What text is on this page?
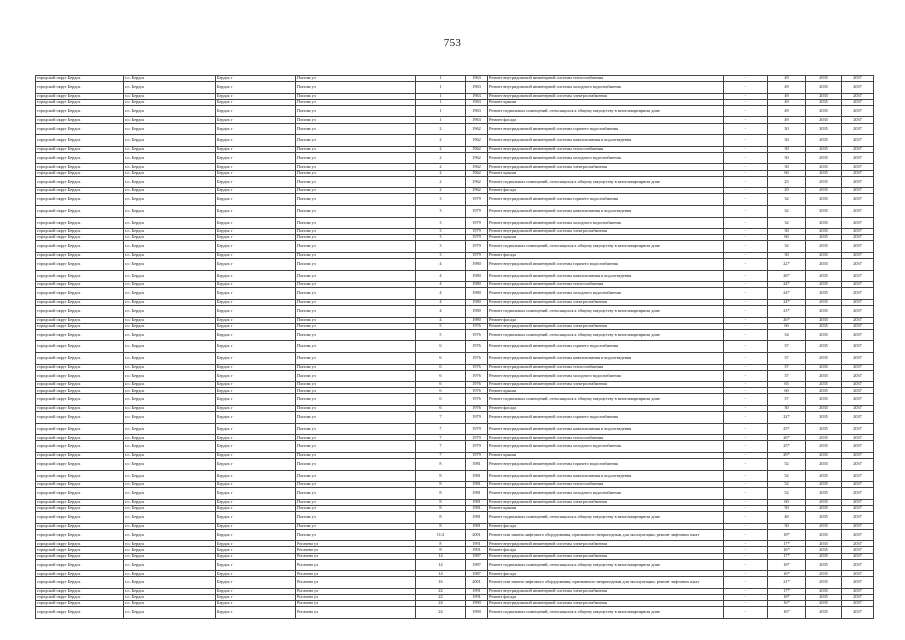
753
городской округ Бердск	г.о. Бердск	Бердск г	Попова ул	1	1963	Ремонт внутридомовой инженерной системы теплоснабжения	-	49	2035	2037
городской округ Бердск	г.о. Бердск	Бердск г	Попова ул	1	1963	Ремонт внутридомовой инженерной системы холодного водоснабжения	-	49	2035	2037
городской округ Бердск	г.о. Бердск	Бердск г	Попова ул	1	1963	Ремонт внутридомовой инженерной системы электроснабжения	-	49	2035	2037
городской округ Бердск	г.о. Бердск	Бердск г	Попова ул	1	1963	Ремонт крыши	-	49	2035	2037
городской округ Бердск	г.о. Бердск	Бердск г	Попова ул	1	1963	Ремонт подвальных помещений, относящихся к общему имуществу в многоквартирном доме	-	49	2035	2037
городской округ Бердск	г.о. Бердск	Бердск г	Попова ул	1	1963	Ремонт фасада	-	49	2035	2037
городской округ Бердск	г.о. Бердск	Бердск г	Попова ул	2	1962	Ремонт внутридомовой инженерной системы горячего водоснабжения	-	30	2035	2037
городской округ Бердск	г.о. Бердск	Бердск г	Попова ул	2	1962	Ремонт внутридомовой инженерной системы канализования и водоотведения	-	30	2035	2037
городской округ Бердск	г.о. Бердск	Бердск г	Попова ул	2	1962	Ремонт внутридомовой инженерной системы теплоснабжения	-	30	2035	2037
городской округ Бердск	г.о. Бердск	Бердск г	Попова ул	2	1962	Ремонт внутридомовой инженерной системы холодного водоснабжения	-	30	2035	2037
городской округ Бердск	г.о. Бердск	Бердск г	Попова ул	2	1962	Ремонт внутридомовой инженерной системы электроснабжения	-	30	2035	2037
городской округ Бердск	г.о. Бердск	Бердск г	Попова ул	2	1962	Ремонт крыши	-	60	2035	2037
городской округ Бердск	г.о. Бердск	Бердск г	Попова ул	2	1962	Ремонт подвальных помещений, относящихся к общему имуществу в многоквартирном доме	-	25	2035	2037
городской округ Бердск	г.о. Бердск	Бердск г	Попова ул	2	1962	Ремонт фасада	-	20	2035	2037
городской округ Бердск	г.о. Бердск	Бердск г	Попова ул	3	1979	Ремонт внутридомовой инженерной системы горячего водоснабжения	-	32	2035	2037
городской округ Бердск	г.о. Бердск	Бердск г	Попова ул	3	1979	Ремонт внутридомовой инженерной системы канализования и водоотведения	-	32	2035	2037
городской округ Бердск	г.о. Бердск	Бердск г	Попова ул	3	1979	Ремонт внутридомовой инженерной системы холодного водоснабжения	-	32	2035	2037
городской округ Бердск	г.о. Бердск	Бердск г	Попова ул	3	1979	Ремонт внутридомовой инженерной системы электроснабжения	-	30	2035	2037
городской округ Бердск	г.о. Бердск	Бердск г	Попова ул	3	1979	Ремонт крыши	-	60	2035	2037
городской округ Бердск	г.о. Бердск	Бердск г	Попова ул	3	1979	Ремонт подвальных помещений, относящихся к общему имуществу в многоквартирном доме	-	32	2035	2037
городской округ Бердск	г.о. Бердск	Бердск г	Попова ул	3	1979	Ремонт фасада	-	30	2035	2037
городской округ Бердск	г.о. Бердск	Бердск г	Попова ул	4	1980	Ремонт внутридомовой инженерной системы горячего водоснабжения	-	22*	2035	2037
городской округ Бердск	г.о. Бердск	Бердск г	Попова ул	4	1980	Ремонт внутридомовой инженерной системы канализования и водоотведения	-	26*	2035	2037
городской округ Бердск	г.о. Бердск	Бердск г	Попова ул	4	1980	Ремонт внутридомовой инженерной системы теплоснабжения	-	24*	2035	2037
городской округ Бердск	г.о. Бердск	Бердск г	Попова ул	4	1980	Ремонт внутридомовой инженерной системы холодного водоснабжения	-	24*	2035	2037
городской округ Бердск	г.о. Бердск	Бердск г	Попова ул	4	1980	Ремонт внутридомовой инженерной системы электроснабжения	-	24*	2035	2037
городской округ Бердск	г.о. Бердск	Бердск г	Попова ул	4	1980	Ремонт подвальных помещений, относящихся к общему имуществу в многоквартирном доме	-	23*	2035	2037
городской округ Бердск	г.о. Бердск	Бердск г	Попова ул	4	1980	Ремонт фасада	-	26*	2035	2037
городской округ Бердск	г.о. Бердск	Бердск г	Попова ул	5	1976	Ремонт внутридомовой инженерной системы электроснабжения	-	60	2035	2037
городской округ Бердск	г.о. Бердск	Бердск г	Попова ул	5	1976	Ремонт подвальных помещений, относящихся к общему имуществу в многоквартирном доме	-	34	2035	2037
городской округ Бердск	г.о. Бердск	Бердск г	Попова ул	6	1976	Ремонт внутридомовой инженерной системы горячего водоснабжения	-	37	2035	2037
городской округ Бердск	г.о. Бердск	Бердск г	Попова ул	6	1976	Ремонт внутридомовой инженерной системы канализования и водоотведения	-	37	2035	2037
городской округ Бердск	г.о. Бердск	Бердск г	Попова ул	6	1976	Ремонт внутридомовой инженерной системы теплоснабжения	-	37	2035	2037
городской округ Бердск	г.о. Бердск	Бердск г	Попова ул	6	1976	Ремонт внутридомовой инженерной системы холодного водоснабжения	-	37	2035	2037
городской округ Бердск	г.о. Бердск	Бердск г	Попова ул	6	1976	Ремонт внутридомовой инженерной системы электроснабжения	-	65	2035	2037
городской округ Бердск	г.о. Бердск	Бердск г	Попова ул	6	1976	Ремонт крыши	-	60	2035	2037
городской округ Бердск	г.о. Бердск	Бердск г	Попова ул	6	1976	Ремонт подвальных помещений, относящихся к общему имуществу в многоквартирном доме	-	37	2035	2037
городской округ Бердск	г.о. Бердск	Бердск г	Попова ул	6	1976	Ремонт фасада	-	30	2035	2037
городской округ Бердск	г.о. Бердск	Бердск г	Попова ул	7	1979	Ремонт внутридомовой инженерной системы горячего водоснабжения	-	22*	2035	2037
городской округ Бердск	г.о. Бердск	Бердск г	Попова ул	7	1979	Ремонт внутридомовой инженерной системы канализования и водоотведения	-	25*	2035	2037
городской округ Бердск	г.о. Бердск	Бердск г	Попова ул	7	1979	Ремонт внутридомовой инженерной системы теплоснабжения	-	26*	2035	2037
городской округ Бердск	г.о. Бердск	Бердск г	Попова ул	7	1979	Ремонт внутридомовой инженерной системы холодного водоснабжения	-	25*	2035	2037
городской округ Бердск	г.о. Бердск	Бердск г	Попова ул	7	1979	Ремонт крыши	-	29*	2035	2037
городской округ Бердск	г.о. Бердск	Бердск г	Попова ул	8	1981	Ремонт внутридомовой инженерной системы горячего водоснабжения	-	52	2035	2037
городской округ Бердск	г.о. Бердск	Бердск г	Попова ул	8	1981	Ремонт внутридомовой инженерной системы канализования и водоотведения	-	52	2035	2037
городской округ Бердск	г.о. Бердск	Бердск г	Попова ул	8	1981	Ремонт внутридомовой инженерной системы теплоснабжения	-	52	2035	2037
городской округ Бердск	г.о. Бердск	Бердск г	Попова ул	8	1981	Ремонт внутридомовой инженерной системы холодного водоснабжения	-	52	2035	2037
городской округ Бердск	г.о. Бердск	Бердск г	Попова ул	8	1981	Ремонт внутридомовой инженерной системы электроснабжения	-	60	2035	2037
городской округ Бердск	г.о. Бердск	Бердск г	Попова ул	8	1981	Ремонт крыши	-	50	2035	2037
городской округ Бердск	г.о. Бердск	Бердск г	Попова ул	8	1981	Ремонт подвальных помещений, относящихся к общему имуществу в многоквартирном доме	-	40	2035	2037
городской округ Бердск	г.о. Бердск	Бердск г	Попова ул	8	1981	Ремонт фасада	-	30	2035	2037
городской округ Бердск	г.о. Бердск	Бердск г	Попова ул	11/2	2001	Ремонт или замена лифтового оборудования, признанного непригодным для эксплуатации, ремонт лифтовых шахт	-	18*	2035	2037
городской округ Бердск	г.о. Бердск	Бердск г	Рогачева ул	8	1991	Ремонт внутридомовой инженерной системы электроснабжения	-	17*	2035	2037
городской округ Бердск	г.о. Бердск	Бердск г	Рогачева ул	8	1991	Ремонт фасада	-	16*	2035	2037
городской округ Бердск	г.о. Бердск	Бердск г	Рогачева ул	14	1987	Ремонт внутридомовой инженерной системы электроснабжения	-	17*	2035	2037
городской округ Бердск	г.о. Бердск	Бердск г	Рогачева ул	14	1987	Ремонт подвальных помещений, относящихся к общему имуществу в многоквартирном доме	-	18*	2035	2037
городской округ Бердск	г.о. Бердск	Бердск г	Рогачева ул	14	1987	Ремонт фасада	-	16*	2035	2037
городской округ Бердск	г.о. Бердск	Бердск г	Рогачева ул	16	2001	Ремонт или замена лифтового оборудования, признанного непригодным для эксплуатации, ремонт лифтовых шахт	-	21*	2035	2037
городской округ Бердск	г.о. Бердск	Бердск г	Рогачева ул	22	1991	Ремонт внутридомовой инженерной системы электроснабжения	-	17*	2035	2037
городской округ Бердск	г.о. Бердск	Бердск г	Рогачева ул	22	1991	Ремонт фасада	-	18*	2035	2037
городской округ Бердск	г.о. Бердск	Бердск г	Рогачева ул	24	1990	Ремонт внутридомовой инженерной системы электроснабжения	-	16*	2035	2037
городской округ Бердск	г.о. Бердск	Бердск г	Рогачева ул	24	1990	Ремонт подвальных помещений, относящихся к общему имуществу в многоквартирном доме	-	16*	2035	2037
